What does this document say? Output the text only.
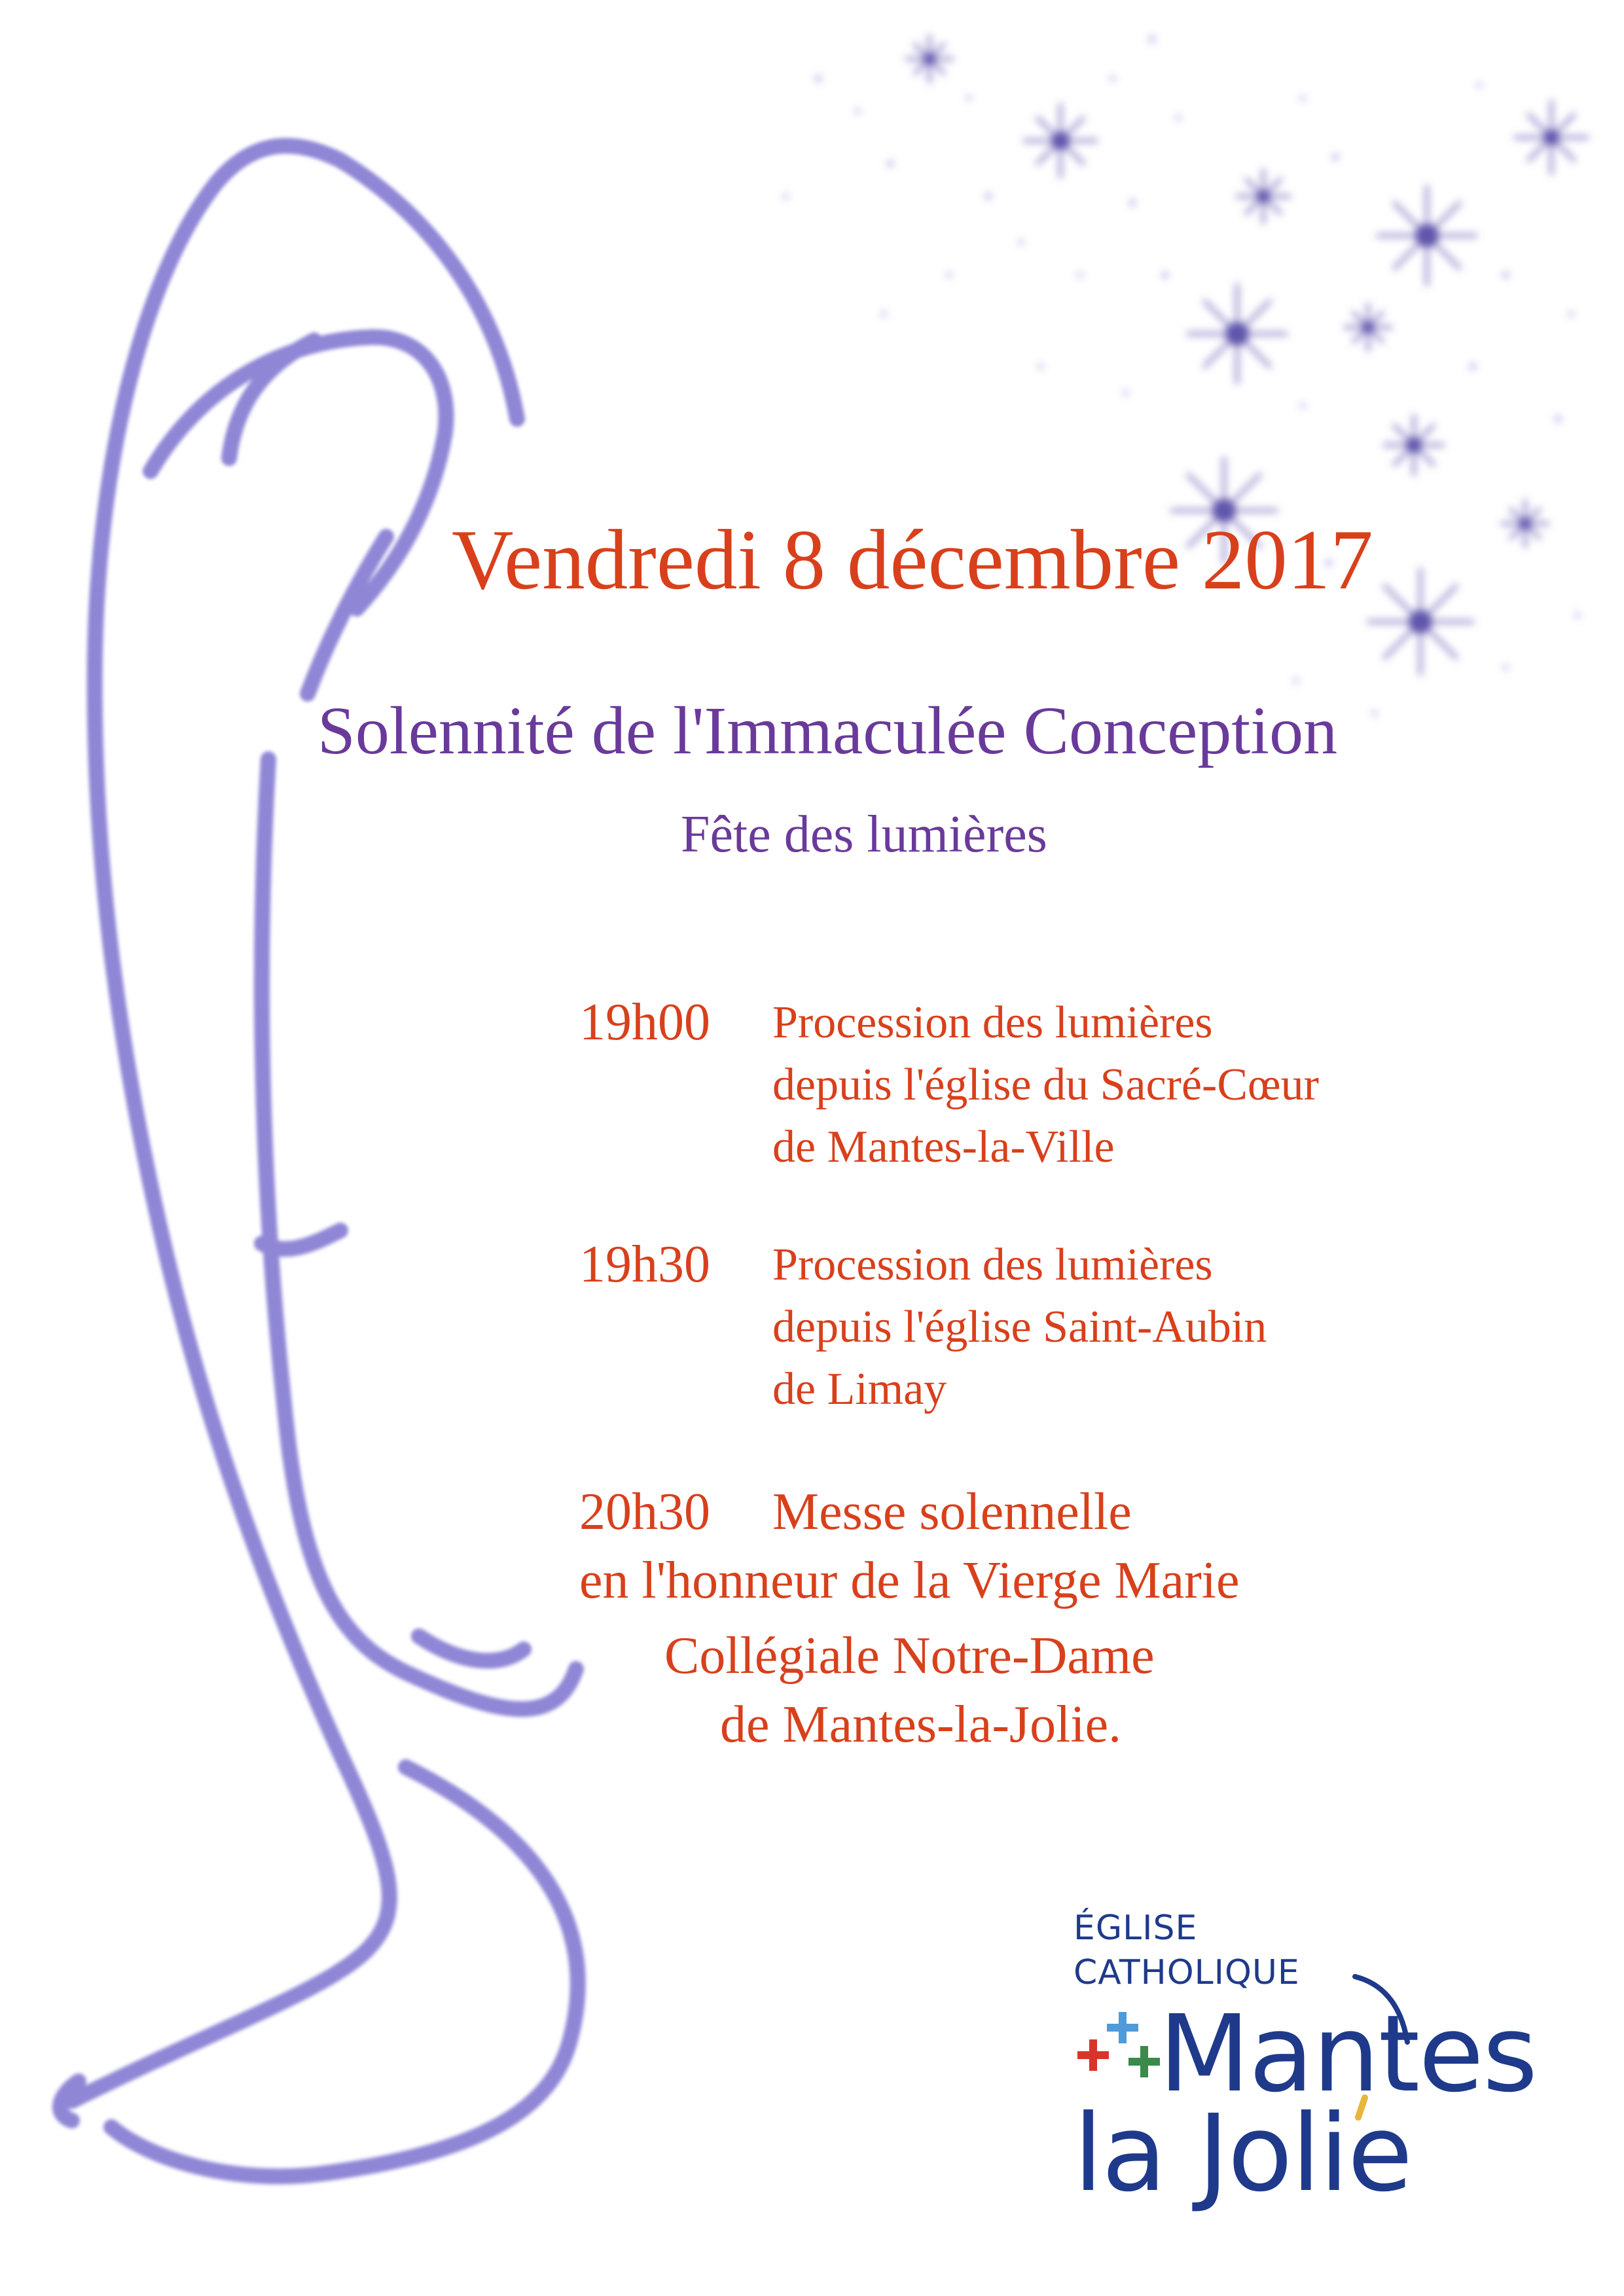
Vendredi 8 décembre 2017
Solennité de l'Immaculée Conception
Fête des lumières
19h00 Procession des lumières
depuis l'église du Sacré-Cœur
de Mantes-la-Ville
19h30 Procession des lumières
depuis l'église Saint-Aubin
de Limay
20h30 Messe solennelle
en l'honneur de la Vierge Marie
Collégiale Notre-Dame
de Mantes-la-Jolie.
ÉGLISE
CATHOLIQUE
Mantes
la Jolie
